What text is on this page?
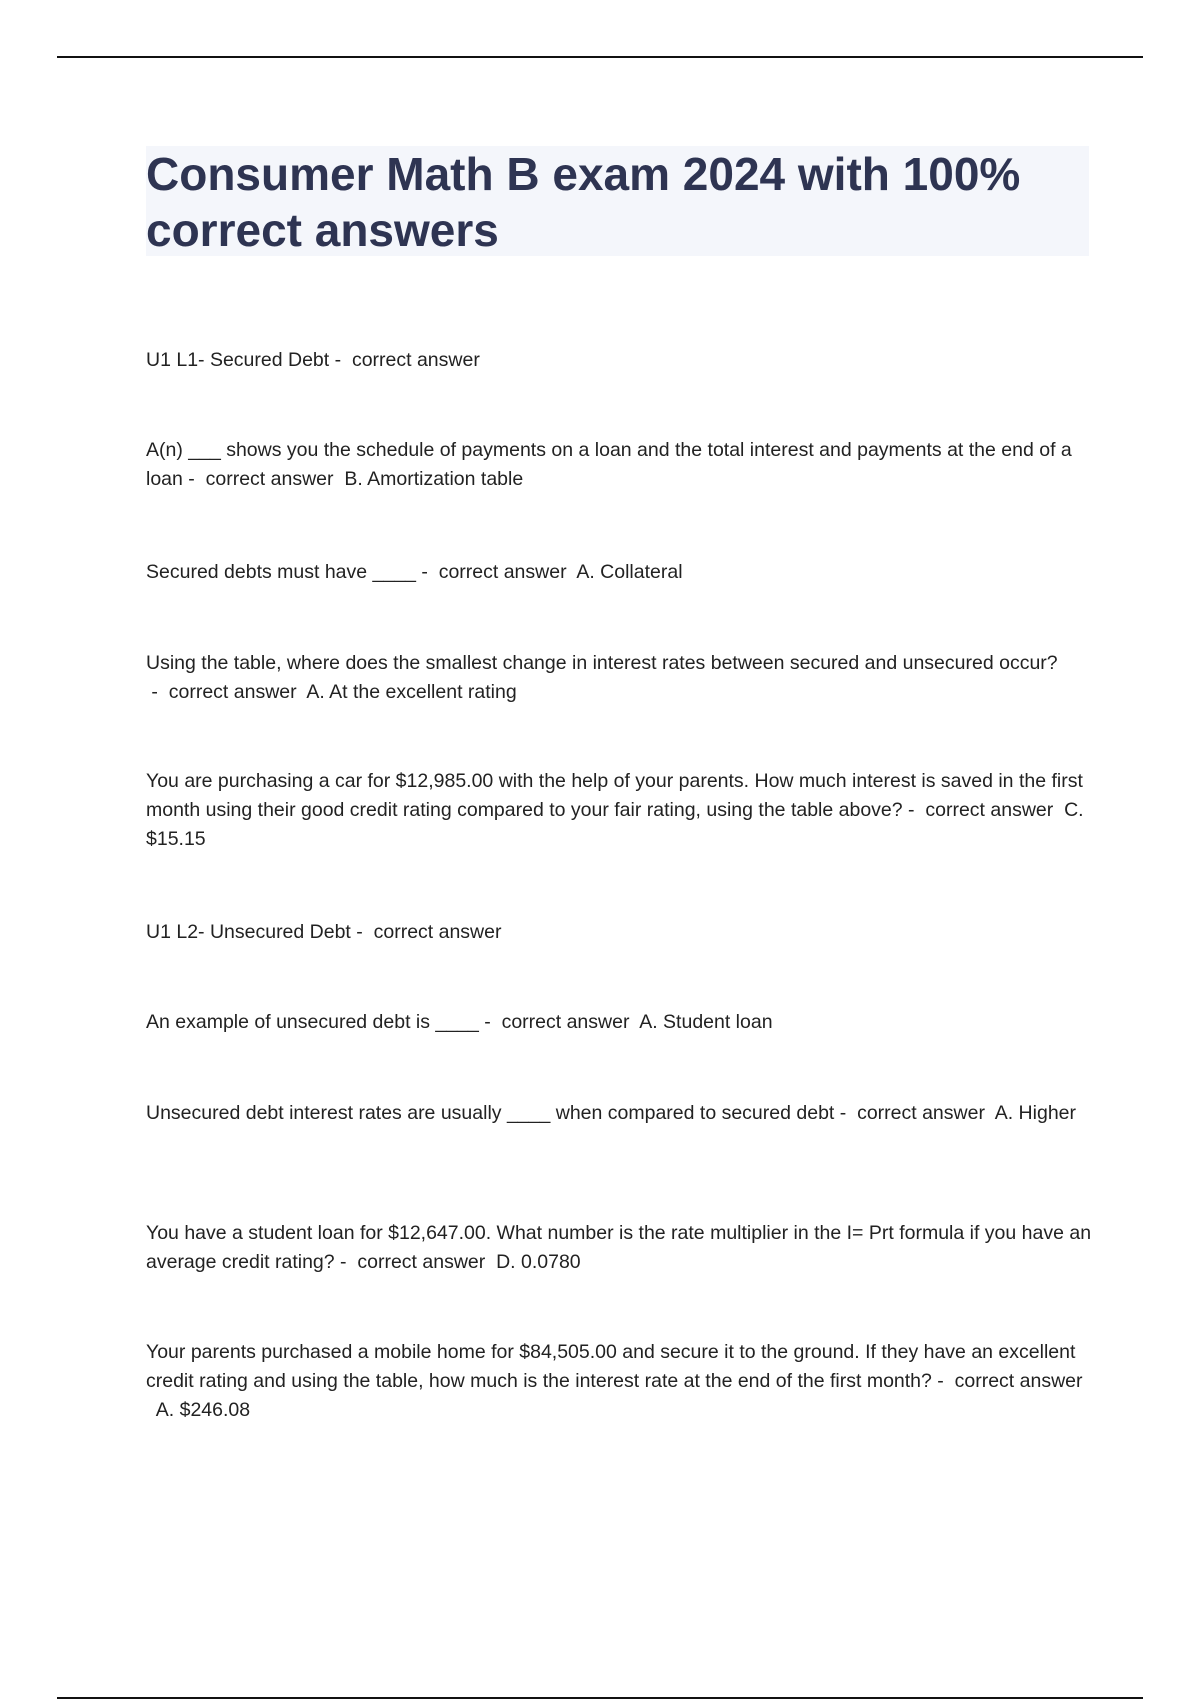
Consumer Math B exam 2024 with 100% correct answers

U1 L1- Secured Debt -  correct answer

A(n) ___ shows you the schedule of payments on a loan and the total interest and payments at the end of a loan -  correct answer B. Amortization table

Secured debts must have ____ -  correct answer A. Collateral

Using the table, where does the smallest change in interest rates between secured and unsecured occur? -  correct answer A. At the excellent rating

You are purchasing a car for $12,985.00 with the help of your parents. How much interest is saved in the first month using their good credit rating compared to your fair rating, using the table above? -  correct answer C. $15.15

U1 L2- Unsecured Debt -  correct answer

An example of unsecured debt is ____ -  correct answer A. Student loan

Unsecured debt interest rates are usually ____ when compared to secured debt -  correct answer A. Higher

You have a student loan for $12,647.00. What number is the rate multiplier in the I= Prt formula if you have an average credit rating? -  correct answer D. 0.0780

Your parents purchased a mobile home for $84,505.00 and secure it to the ground. If they have an excellent credit rating and using the table, how much is the interest rate at the end of the first month? -  correct answer  A. $246.08
